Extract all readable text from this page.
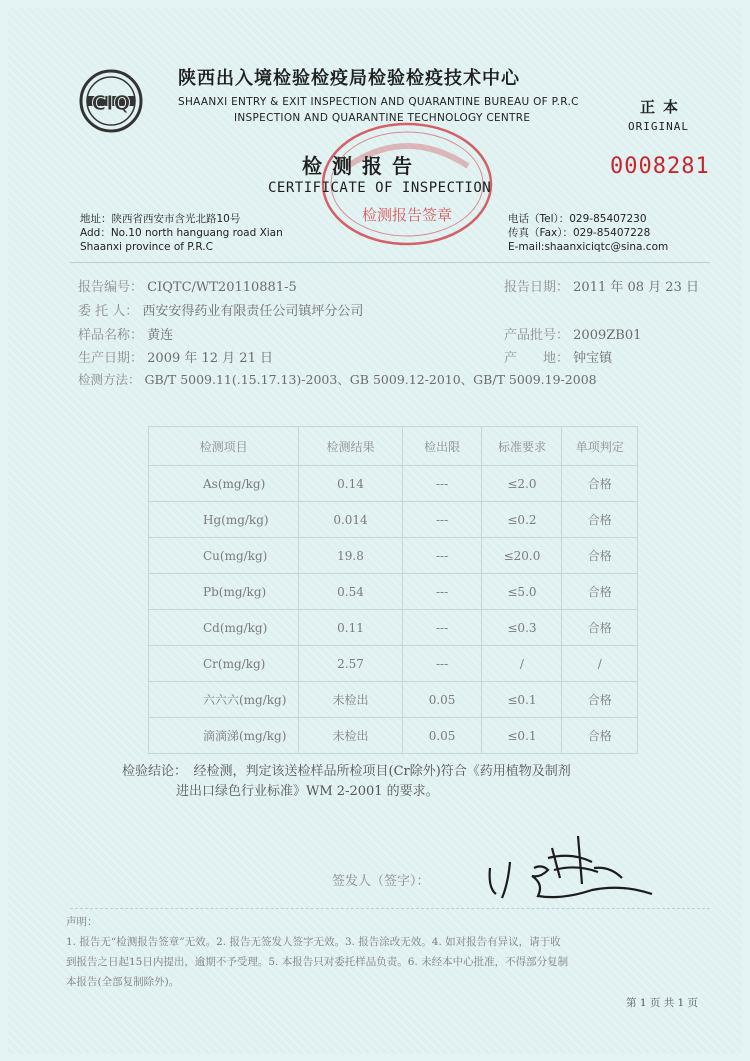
CIQ
陕西出入境检验检疫局检验检疫技术中心
SHAANXI ENTRY & EXIT INSPECTION AND QUARANTINE BUREAU OF P.R.C
INSPECTION AND QUARANTINE TECHNOLOGY CENTRE
正本
ORIGINAL
0008281
检测报告签章
检测报告
CERTIFICATE OF INSPECTION
地址：陕西省西安市含光北路10号
Add：No.10 north hanguang road Xian
Shaanxi province of P.R.C
电话（Tel）：029-85407230
传真（Fax）：029-85407228
E-mail:shaanxiciqtc@sina.com
报告编号： CIQTC/WT20110881-5	报告日期： 2011 年 08 月 23 日
委 托 人： 西安安得药业有限责任公司镇坪分公司
样品名称： 黄连	产品批号： 2009ZB01
生产日期： 2009 年 12 月 21 日	产　　地： 钟宝镇
检测方法： GB/T 5009.11(.15.17.13)-2003、GB 5009.12-2010、GB/T 5009.19-2008
检测项目	检测结果	检出限	标准要求	单项判定
As(mg/kg)	0.14	---	≤2.0	合格
Hg(mg/kg)	0.014	---	≤0.2	合格
Cu(mg/kg)	19.8	---	≤20.0	合格
Pb(mg/kg)	0.54	---	≤5.0	合格
Cd(mg/kg)	0.11	---	≤0.3	合格
Cr(mg/kg)	2.57	---	/	/
六六六(mg/kg)	未检出	0.05	≤0.1	合格
滴滴涕(mg/kg)	未检出	0.05	≤0.1	合格
检验结论：　经检测，判定该送检样品所检项目(Cr除外)符合《药用植物及制剂
进出口绿色行业标准》WM 2-2001 的要求。
签发人（签字）：
声明：
1. 报告无“检测报告签章”无效。2. 报告无签发人签字无效。3. 报告涂改无效。4. 如对报告有异议，请于收
到报告之日起15日内提出，逾期不予受理。5. 本报告只对委托样品负责。6. 未经本中心批准，不得部分复制
本报告(全部复制除外)。
第 1 页 共 1 页
